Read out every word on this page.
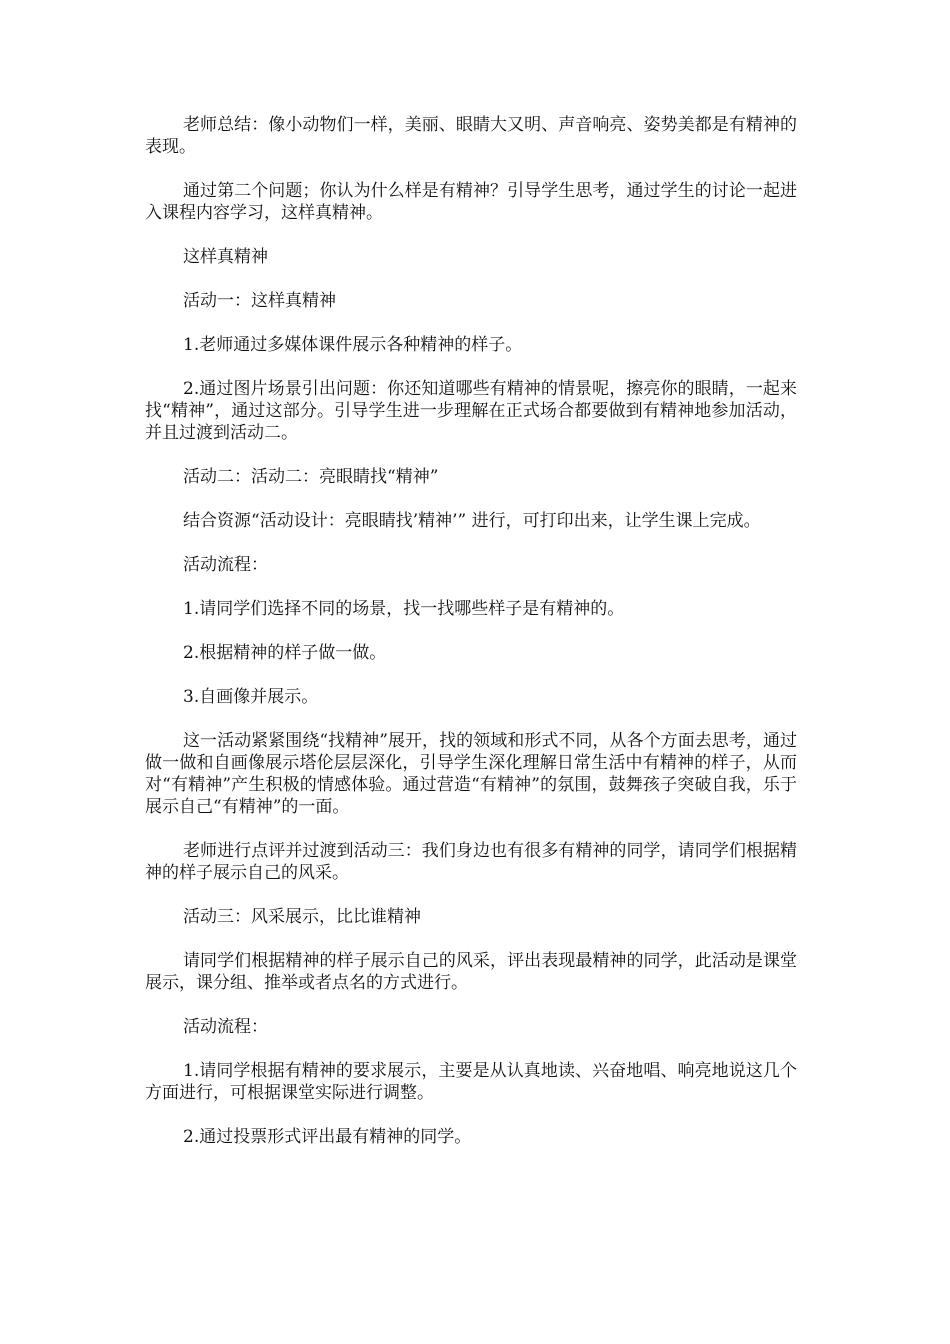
老师总结：像小动物们一样，美丽、眼睛大又明、声音响亮、姿势美都是有精神的表现。

通过第二个问题；你认为什么样是有精神？引导学生思考，通过学生的讨论一起进入课程内容学习，这样真精神。

这样真精神

活动一：这样真精神

1.老师通过多媒体课件展示各种精神的样子。

2.通过图片场景引出问题：你还知道哪些有精神的情景呢，擦亮你的眼睛，一起来找“精神”，通过这部分。引导学生进一步理解在正式场合都要做到有精神地参加活动，并且过渡到活动二。

活动二：活动二：亮眼睛找“精神”

结合资源“活动设计：亮眼睛找’精神’” 进行，可打印出来，让学生课上完成。

活动流程：

1.请同学们选择不同的场景，找一找哪些样子是有精神的。

2.根据精神的样子做一做。

3.自画像并展示。

这一活动紧紧围绕“找精神”展开，找的领域和形式不同，从各个方面去思考，通过做一做和自画像展示塔伦层层深化，引导学生深化理解日常生活中有精神的样子，从而对“有精神”产生积极的情感体验。通过营造“有精神”的氛围，鼓舞孩子突破自我，乐于展示自己“有精神”的一面。

老师进行点评并过渡到活动三：我们身边也有很多有精神的同学，请同学们根据精神的样子展示自己的风采。

活动三：风采展示，比比谁精神

请同学们根据精神的样子展示自己的风采，评出表现最精神的同学，此活动是课堂展示，课分组、推举或者点名的方式进行。

活动流程：

1.请同学根据有精神的要求展示，主要是从认真地读、兴奋地唱、响亮地说这几个方面进行，可根据课堂实际进行调整。

2.通过投票形式评出最有精神的同学。
